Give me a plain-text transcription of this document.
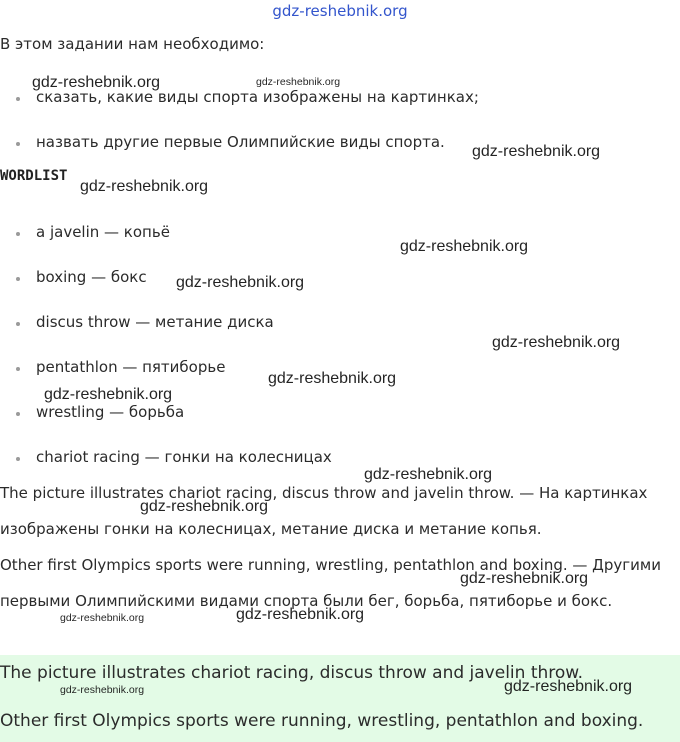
gdz-reshebnik.org
В этом задании нам необходимо:
сказать, какие виды спорта изображены на картинках;
назвать другие первые Олимпийские виды спорта.
WORDLIST
a javelin — копьё
boxing — бокс
discus throw — метание диска
pentathlon — пятиборье
wrestling — борьба
chariot racing — гонки на колесницах
The picture illustrates chariot racing, discus throw and javelin throw. — На картинках изображены гонки на колесницах, метание диска и метание копья.
Other first Olympics sports were running, wrestling, pentathlon and boxing. — Другими первыми Олимпийскими видами спорта были бег, борьба, пятиборье и бокс.

The picture illustrates chariot racing, discus throw and javelin throw.

Other first Olympics sports were running, wrestling, pentathlon and boxing.

gdz-reshebnik.org	gdz-reshebnik.org
gdz-reshebnik.org
gdz-reshebnik.org
gdz-reshebnik.org
gdz-reshebnik.org
gdz-reshebnik.org
gdz-reshebnik.org
gdz-reshebnik.org
gdz-reshebnik.org
gdz-reshebnik.org
gdz-reshebnik.org
gdz-reshebnik.org	gdz-reshebnik.org
gdz-reshebnik.org	gdz-reshebnik.org
